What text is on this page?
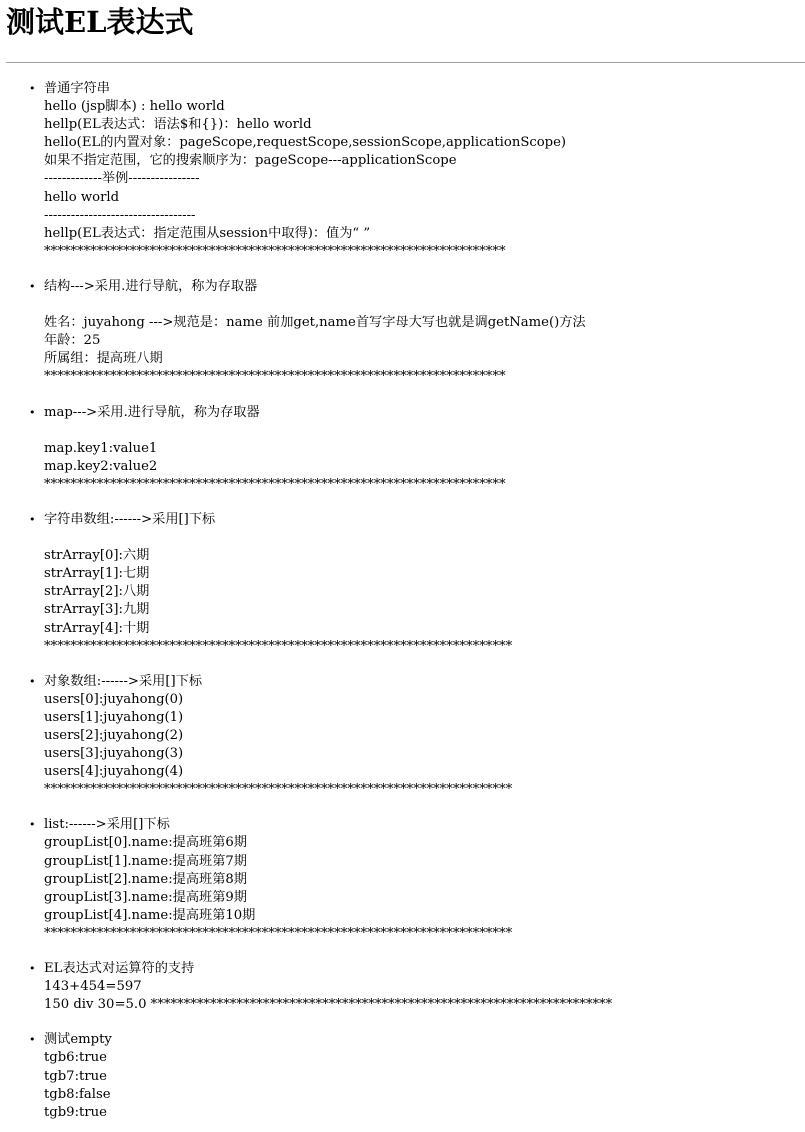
测试EL表达式
• 普通字符串
hello (jsp脚本) : hello world
hellp(EL表达式：语法$和{})：hello world
hello(EL的内置对象：pageScope,requestScope,sessionScope,applicationScope)
如果不指定范围，它的搜索顺序为：pageScope---applicationScope
-------------举例----------------
hello world
----------------------------------
hellp(EL表达式：指定范围从session中取得)：值为“ ”
**********************************************************************
• 结构--->采用.进行导航，称为存取器
姓名：juyahong --->规范是：name 前加get,name首写字母大写也就是调getName()方法
年龄：25
所属组：提高班八期
**********************************************************************
• map--->采用.进行导航，称为存取器
map.key1:value1
map.key2:value2
**********************************************************************
• 字符串数组:------>采用[]下标
strArray[0]:六期
strArray[1]:七期
strArray[2]:八期
strArray[3]:九期
strArray[4]:十期
***********************************************************************
• 对象数组:------>采用[]下标
users[0]:juyahong(0)
users[1]:juyahong(1)
users[2]:juyahong(2)
users[3]:juyahong(3)
users[4]:juyahong(4)
***********************************************************************
• list:------>采用[]下标
groupList[0].name:提高班第6期
groupList[1].name:提高班第7期
groupList[2].name:提高班第8期
groupList[3].name:提高班第9期
groupList[4].name:提高班第10期
***********************************************************************
• EL表达式对运算符的支持
143+454=597
150 div 30=5.0 **********************************************************************
• 测试empty
tgb6:true
tgb7:true
tgb8:false
tgb9:true
